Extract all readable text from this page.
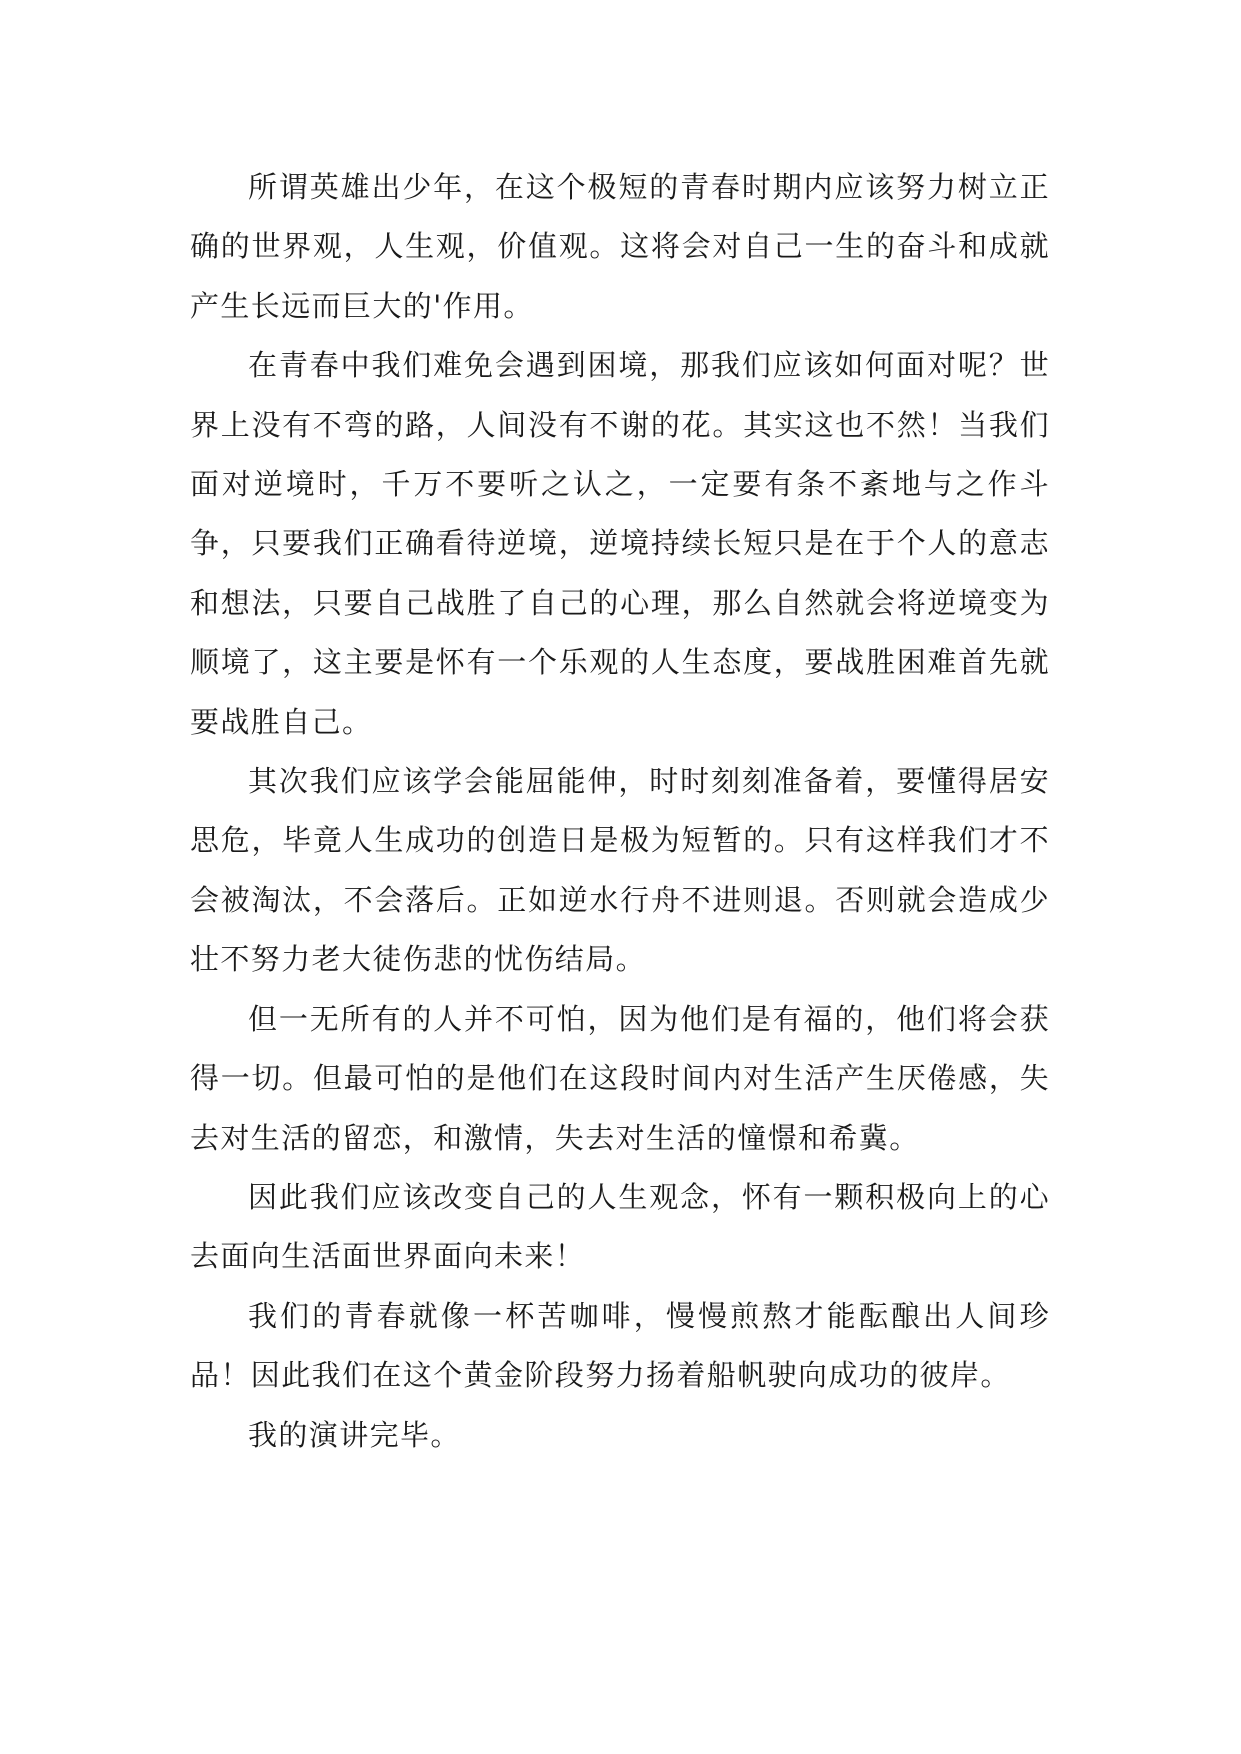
所谓英雄出少年，在这个极短的青春时期内应该努力树立正确的世界观，人生观，价值观。这将会对自己一生的奋斗和成就产生长远而巨大的'作用。

在青春中我们难免会遇到困境，那我们应该如何面对呢？世界上没有不弯的路，人间没有不谢的花。其实这也不然！当我们面对逆境时，千万不要听之认之，一定要有条不紊地与之作斗争，只要我们正确看待逆境，逆境持续长短只是在于个人的意志和想法，只要自己战胜了自己的心理，那么自然就会将逆境变为顺境了，这主要是怀有一个乐观的人生态度，要战胜困难首先就要战胜自己。

其次我们应该学会能屈能伸，时时刻刻准备着，要懂得居安思危，毕竟人生成功的创造日是极为短暂的。只有这样我们才不会被淘汰，不会落后。正如逆水行舟不进则退。否则就会造成少壮不努力老大徒伤悲的忧伤结局。

但一无所有的人并不可怕，因为他们是有福的，他们将会获得一切。但最可怕的是他们在这段时间内对生活产生厌倦感，失去对生活的留恋，和激情，失去对生活的憧憬和希冀。

因此我们应该改变自己的人生观念，怀有一颗积极向上的心去面向生活面世界面向未来！

我们的青春就像一杯苦咖啡，慢慢煎熬才能酝酿出人间珍品！因此我们在这个黄金阶段努力扬着船帆驶向成功的彼岸。

我的演讲完毕。
